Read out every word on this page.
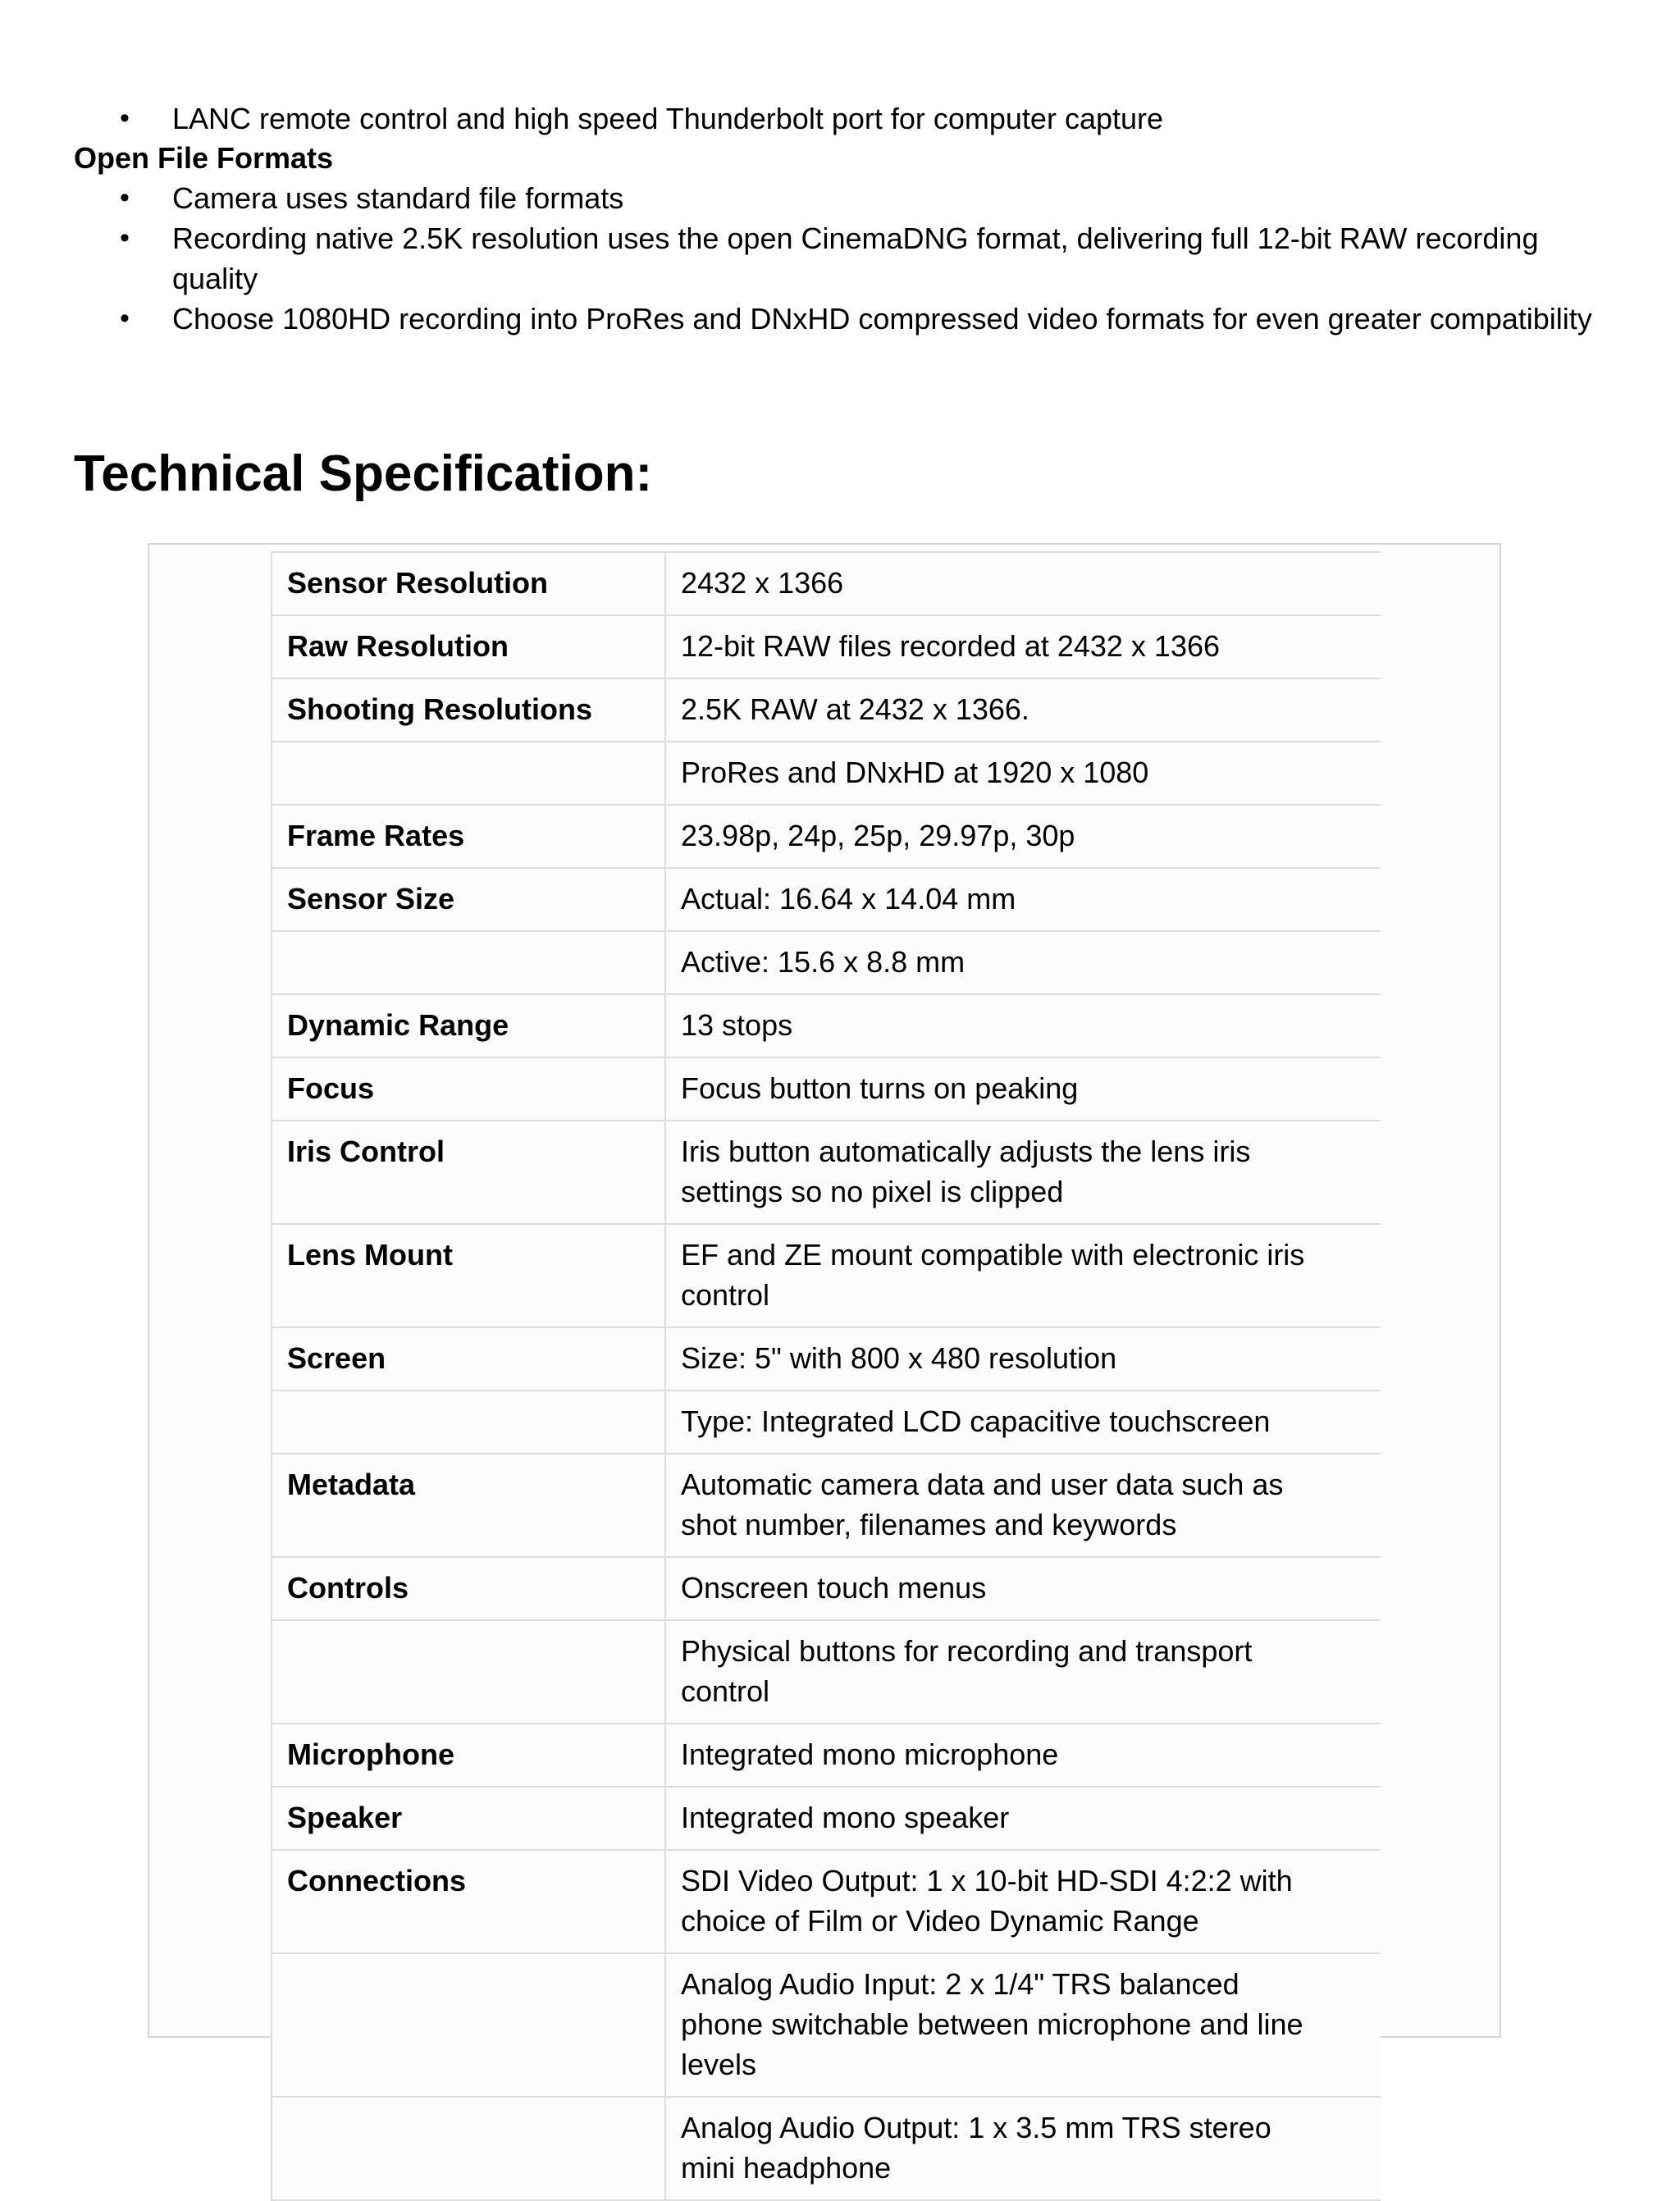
• LANC remote control and high speed Thunderbolt port for computer capture

Open File Formats

• Camera uses standard file formats
• Recording native 2.5K resolution uses the open CinemaDNG format, delivering full 12-bit RAW recording quality
• Choose 1080HD recording into ProRes and DNxHD compressed video formats for even greater compatibility
Technical Specification:
Sensor Resolution	2432 x 1366
Raw Resolution	12-bit RAW files recorded at 2432 x 1366
Shooting Resolutions	2.5K RAW at 2432 x 1366.
	ProRes and DNxHD at 1920 x 1080
Frame Rates	23.98p, 24p, 25p, 29.97p, 30p
Sensor Size	Actual: 16.64 x 14.04 mm
	Active: 15.6 x 8.8 mm
Dynamic Range	13 stops
Focus	Focus button turns on peaking
Iris Control	Iris button automatically adjusts the lens iris settings so no pixel is clipped
Lens Mount	EF and ZE mount compatible with electronic iris control
Screen	Size: 5" with 800 x 480 resolution
	Type: Integrated LCD capacitive touchscreen
Metadata	Automatic camera data and user data such as shot number, filenames and keywords
Controls	Onscreen touch menus
	Physical buttons for recording and transport control
Microphone	Integrated mono microphone
Speaker	Integrated mono speaker
Connections	SDI Video Output: 1 x 10-bit HD-SDI 4:2:2 with choice of Film or Video Dynamic Range
	Analog Audio Input: 2 x 1/4" TRS balanced phone switchable between microphone and line levels
	Analog Audio Output: 1 x 3.5 mm TRS stereo mini headphone
